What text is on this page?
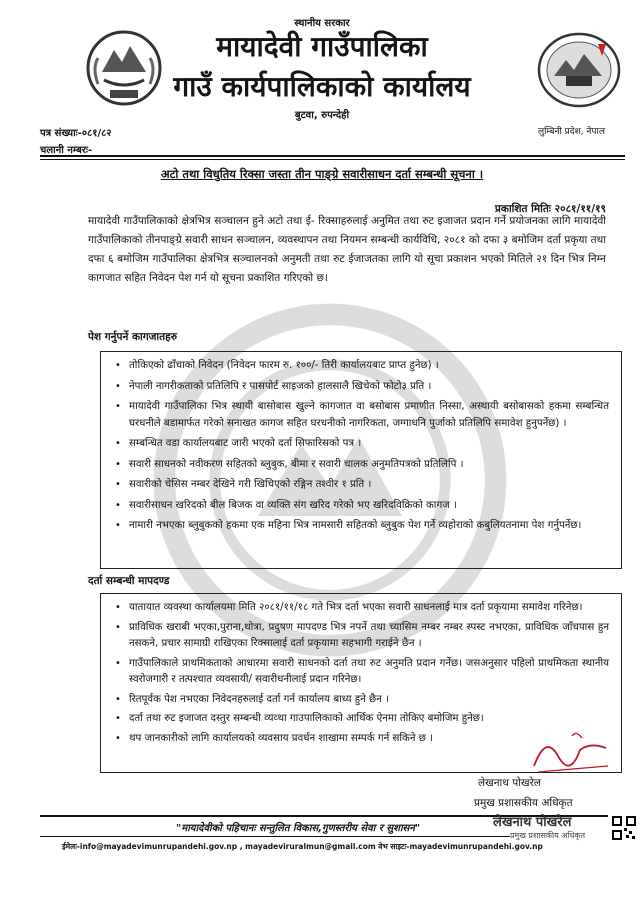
स्थानीय सरकार
मायादेवी गाउँपालिका
गाउँ कार्यपालिकाको कार्यालय
बुटवा, रुपन्देही
लुम्बिनी प्रदेश, नेपाल
पत्र संख्याः-०८१/८२
चलानी नम्बरः-
अटो तथा विधुतिय रिक्सा जस्ता तीन पाङ्ग्रे सवारीसाधन दर्ता सम्बन्धी सूचना ।
प्रकाशित मितिः २०८१/११/१९
मायादेवी गाउँपालिकाको क्षेत्रभित्र सञ्चालन हुने अटो तथा ई- रिक्साहरुलाई अनुमित तथा रुट इजाजत प्रदान गर्ने प्रयोजनका लागि मायादेवी गाउँपालिकाको तीनपाङ्ग्रे सवारी साधन सञ्चालन, व्यवस्थापन तथा नियमन सम्बन्धी कार्यविधि, २०८१ को दफा ३ बमोजिम दर्ता प्रकृया तथा दफा ६ बमोजिम गाउँपालिका क्षेत्रभित्र सञ्चालनको अनुमती तथा रुट ईजाजतका लागि यो सूचा प्रकाशन भएको मितिले २१ दिन भित्र निम्न कागजात सहित निवेदन पेश गर्न यो सूचना प्रकाशित गरिएको छ।
पेश गर्नुपर्ने कागजातहरु
• तोकिएको ढाँचाको निवेदन (निवेदन फारम रु. १००/- तिरी कार्यालयबाट प्राप्त हुनेछ) ।
• नेपाली नागरीकताको प्रतिलिपि र पासपोर्ट साइजको हालसालै खिचेको फोटो३ प्रति ।
• मायादेवी गाउँपालिका भित्र स्थायी बासोबास खुल्ने कागजात वा बसोबास प्रमाणीत निस्सा, अस्थायी बसोबासको हकमा सम्बन्धित घरधनीले बडामार्फत गरेको सनाखत कागज सहित घरधनीको नागरिकता, जग्गाधनि पुर्जाको प्रतिलिपि समावेश हुनुपर्नेछ) ।
• सम्बन्धित वडा कार्यालयबाट जारी भएको दर्ता सिफारिसको पत्र ।
• सवारी साधनको नवीकरण सहितको ब्लुबुक, बीमा र सवारी चालक अनुमतिपत्रको प्रतिलिपि ।
• सवारीको चेसिस नम्बर देखिने गरी खिचिएको रङ्गिन तश्वीर १ प्रति ।
• सवारीसाधन खरिदको बील बिजक वा व्यक्ति संग खरिद गरेको भए खरिदविक्रिको कागज ।
• नामारी नभएका ब्लुबुकको हकमा एक महिना भित्र नामसारी सहितको ब्लुबुक पेश गर्ने व्यहोराको कबुलियतनामा पेश गर्नुपर्नेछ।
दर्ता सम्बन्धी मापदण्ड
• यातायात व्यवस्था कार्यालयमा मिति २०८१/११/१८ गते भित्र दर्ता भएका सवारी साधनलाई मात्र दर्ता प्रकृयामा समावेश गरिनेछ।
• प्राविधिक खराबी भएका,पुराना,थोत्रा, प्रदुषण मापदण्ड भित्र नपर्ने तथा च्यासिम नम्बर नम्बर स्पस्ट नभएका, प्राविधिक जाँचपास हुन नसकने, प्रचार सामाग्री राखिएका रिक्सालाई दर्ता प्रकृयामा सहभागी गराईने छैन ।
• गाउँपालिकाले प्राथमिकताको आधारमा सवारी साधनको दर्ता तथा रुट अनुमति प्रदान गर्नेछ। जसअनुसार पहिलो प्राथमिकता स्थानीय स्वरोजगारी र तत्पश्चात व्यवसायी/ सवारीधनीलाई प्रदान गरिनेछ।
• रितपूर्वक पेश नभएका निवेदनहरुलाई दर्ता गर्न कार्यालय बाध्य हुने छैन ।
• दर्ता तथा रुट इजाजत दस्तुर सम्बन्धी व्यव्था गाउपालिकाको आर्थिक ऐनमा तोकिए बमोजिम हुनेछ।
• थप जानकारीको लागि कार्यालयको व्यवसाय प्रवर्धन शाखामा सम्पर्क गर्न सकिने छ ।
लेखनाथ पोखरेल
प्रमुख प्रशासकीय अधिकृत
"मायादेवीको पहिचानः सन्तुलित विकास,गुणस्तरीय सेवा र सुशासन"	लेखनाथ पोखरेल
प्रमुख प्रशासकीय अधिकृत
ईमेलः-info@mayadevimunrupandehi.gov.np , mayadeviruralmun@gmail.com वेभ साइटः-mayadevimunrupandehi.gov.np
